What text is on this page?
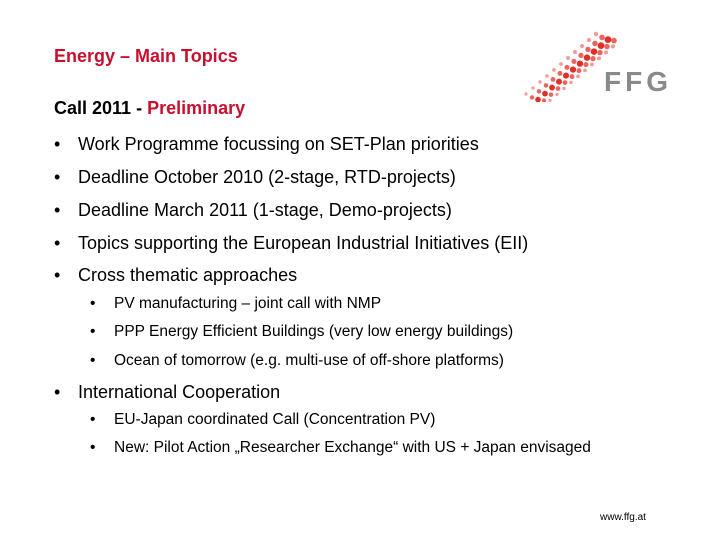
Energy – Main Topics
Call 2011 - Preliminary
FFG
• Work Programme focussing on SET-Plan priorities
• Deadline October 2010 (2-stage, RTD-projects)
• Deadline March 2011 (1-stage, Demo-projects)
• Topics supporting the European Industrial Initiatives (EII)
• Cross thematic approaches
• PV manufacturing – joint call with NMP
• PPP Energy Efficient Buildings (very low energy buildings)
• Ocean of tomorrow (e.g. multi-use of off-shore platforms)
• International Cooperation
• EU-Japan coordinated Call (Concentration PV)
• New: Pilot Action „Researcher Exchange“ with US + Japan envisaged
www.ffg.at
